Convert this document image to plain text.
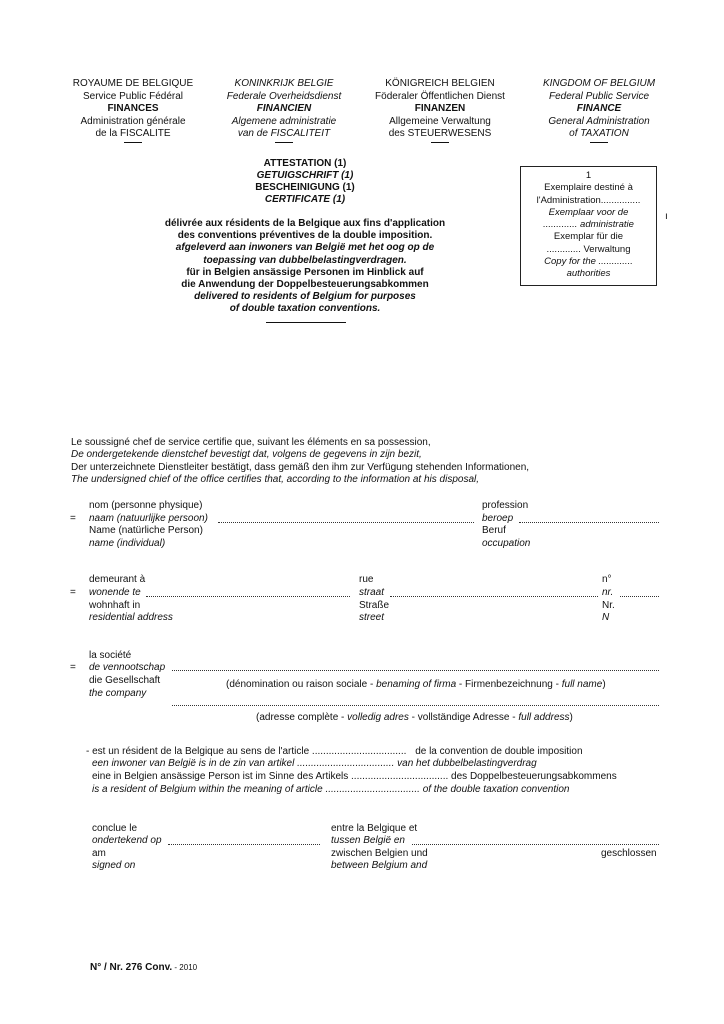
ROYAUME DE BELGIQUE
Service Public Fédéral
FINANCES
Administration générale
de la FISCALITE
KONINKRIJK BELGIE
Federale Overheidsdienst
FINANCIEN
Algemene administratie
van de FISCALITEIT
KÖNIGREICH BELGIEN
Föderaler Öffentlichen Dienst
FINANZEN
Allgemeine Verwaltung
des STEUERWESENS
KINGDOM OF BELGIUM
Federal Public Service
FINANCE
General Administration
of TAXATION
ATTESTATION (1)
GETUIGSCHRIFT (1)
BESCHEINIGUNG (1)
CERTIFICATE (1)
délivrée aux résidents de la Belgique aux fins d'application
des conventions préventives de la double imposition.
afgeleverd aan inwoners van België met het oog op de
toepassing van dubbelbelastingverdragen.
für in Belgien ansässige Personen im Hinblick auf
die Anwendung der Doppelbesteuerungsabkommen
delivered to residents of Belgium for purposes
of double taxation conventions.
1
Exemplaire destiné à
l'Administration...............
Exemplaar voor de
............. administratie
Exemplar für die
............. Verwaltung
Copy for the .............
authorities
ı
Le soussigné chef de service certifie que, suivant les éléments en sa possession,
De ondergetekende dienstchef bevestigt dat, volgens de gegevens in zijn bezit,
Der unterzeichnete Dienstleiter bestätigt, dass gemäß den ihm zur Verfügung stehenden Informationen,
The undersigned chief of the office certifies that, according to the information at his disposal,
nom (personne physique)
= naam (natuurlijke persoon)
Name (natürliche Person)
name (individual)
profession
beroep
Beruf
occupation
demeurant à
= wonende te
wohnhaft in
residential address
rue
straat
Straße
street
n°
nr.
Nr.
N
la société
= de vennootschap
die Gesellschaft
the company
(dénomination ou raison sociale - benaming of firma - Firmenbezeichnung - full name)
(adresse complète - volledig adres - vollständige Adresse - full address)
- est un résident de la Belgique au sens de l'article .................................. de la convention de double imposition
een inwoner van België is in de zin van artikel ................................... van het dubbelbelastingverdrag
eine in Belgien ansässige Person ist im Sinne des Artikels ................................... des Doppelbesteuerungsabkommens
is a resident of Belgium within the meaning of article .................................. of the double taxation convention
conclue le
ondertekend op
am
signed on
entre la Belgique et
tussen België en
zwischen Belgien und
between Belgium and
geschlossen
N° / Nr. 276 Conv. - 2010
